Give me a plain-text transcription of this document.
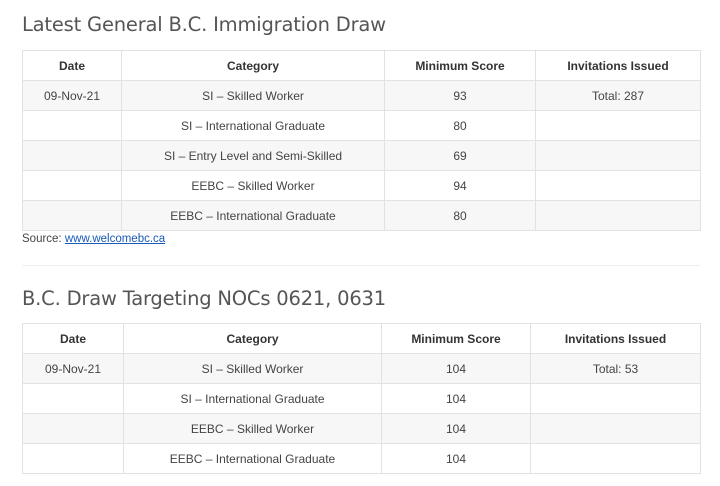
Latest General B.C. Immigration Draw
Date	Category	Minimum Score	Invitations Issued
09-Nov-21	SI – Skilled Worker	93	Total: 287
	SI – International Graduate	80	
	SI – Entry Level and Semi-Skilled	69	
	EEBC – Skilled Worker	94	
	EEBC – International Graduate	80	
Source: www.welcomebc.ca
B.C. Draw Targeting NOCs 0621, 0631
Date	Category	Minimum Score	Invitations Issued
09-Nov-21	SI – Skilled Worker	104	Total: 53
	SI – International Graduate	104	
	EEBC – Skilled Worker	104	
	EEBC – International Graduate	104	
